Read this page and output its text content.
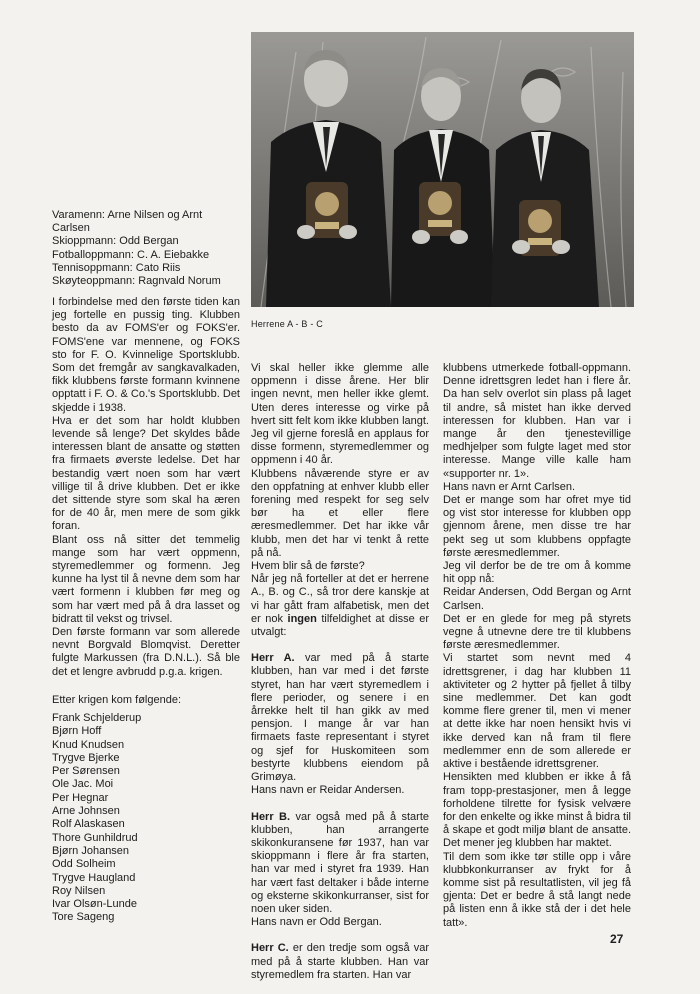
Herrene A - B - C

Varamenn: Arne Nilsen og Arnt

Carlsen

Skioppmann: Odd Bergan

Fotballoppmann: C. A. Eiebakke

Tennisoppmann: Cato Riis

Skøyteoppmann: Ragnvald Norum

I forbindelse med den første tiden kan jeg fortelle en pussig ting. Klubben besto da av FOMS'er og FOKS'er. FOMS'ene var mennene, og FOKS sto for F. O. Kvinnelige Sportsklubb. Som det fremgår av sangkavalkaden, fikk klubbens første formann kvinnene opptatt i F. O. & Co.'s Sportsklubb. Det skjedde i 1938.

Hva er det som har holdt klubben levende så lenge? Det skyldes både interessen blant de ansatte og støtten fra firmaets øverste ledelse. Det har bestandig vært noen som har vært villige til å drive klubben. Det er ikke det sittende styre som skal ha æren for de 40 år, men mere de som gikk foran.

Blant oss nå sitter det temmelig mange som har vært oppmenn, styremedlemmer og formenn. Jeg kunne ha lyst til å nevne dem som har vært formenn i klubben før meg og som har vært med på å dra lasset og bidratt til vekst og trivsel.

Den første formann var som allerede nevnt Borgvald Blomqvist. Deretter fulgte Markussen (fra D.N.L.). Så ble det et lengre avbrudd p.g.a. krigen.

Etter krigen kom følgende:

Frank Schjelderup

Bjørn Hoff

Knud Knudsen

Trygve Bjerke

Per Sørensen

Ole Jac. Moi

Per Hegnar

Arne Johnsen

Rolf Alaskasen

Thore Gunhildrud

Bjørn Johansen

Odd Solheim

Trygve Haugland

Roy Nilsen

Ivar Olsøn-Lunde

Tore Sageng

Vi skal heller ikke glemme alle oppmenn i disse årene. Her blir ingen nevnt, men heller ikke glemt. Uten deres interesse og virke på hvert sitt felt kom ikke klubben langt. Jeg vil gjerne foreslå en applaus for disse formenn, styremedlemmer og oppmenn i 40 år.

Klubbens nåværende styre er av den oppfatning at enhver klubb eller forening med respekt for seg selv bør ha et eller flere æresmedlemmer. Det har ikke vår klubb, men det har vi tenkt å rette på nå.

Hvem blir så de første?

Når jeg nå forteller at det er herrene A., B. og C., så tror dere kanskje at vi har gått fram alfabetisk, men det er nok ingen tilfeldighet at disse er utvalgt:

Herr A. var med på å starte klubben, han var med i det første styret, han har vært styremedlem i flere perioder, og senere i en årrekke helt til han gikk av med pensjon. I mange år var han firmaets faste representant i styret og sjef for Huskomiteen som bestyrte klubbens eiendom på Grimøya.

Hans navn er Reidar Andersen.

Herr B. var også med på å starte klubben, han arrangerte skikonkuransene før 1937, han var skioppmann i flere år fra starten, han var med i styret fra 1939. Han har vært fast deltaker i både interne og eksterne skikonkurranser, sist for noen uker siden.

Hans navn er Odd Bergan.

Herr C. er den tredje som også var med på å starte klubben. Han var styremedlem fra starten. Han var

klubbens utmerkede fotball-oppmann. Denne idrettsgren ledet han i flere år. Da han selv overlot sin plass på laget til andre, så mistet han ikke derved interessen for klubben. Han var i mange år den tjenestevillige medhjelper som fulgte laget med stor interesse. Mange ville kalle ham «supporter nr. 1».

Hans navn er Arnt Carlsen.

Det er mange som har ofret mye tid og vist stor interesse for klubben opp gjennom årene, men disse tre har pekt seg ut som klubbens oppfagte første æresmedlemmer.

Jeg vil derfor be de tre om å komme hit opp nå:

Reidar Andersen, Odd Bergan og Arnt Carlsen.

Det er en glede for meg på styrets vegne å utnevne dere tre til klubbens første æresmedlemmer.

Vi startet som nevnt med 4 idrettsgrener, i dag har klubben 11 aktiviteter og 2 hytter på fjellet å tilby sine medlemmer. Det kan godt komme flere grener til, men vi mener at dette ikke har noen hensikt hvis vi ikke derved kan nå fram til flere medlemmer enn de som allerede er aktive i bestående idrettsgrener.

Hensikten med klubben er ikke å få fram topp-prestasjoner, men å legge forholdene tilrette for fysisk velvære for den enkelte og ikke minst å bidra til å skape et godt miljø blant de ansatte. Det mener jeg klubben har maktet.

Til dem som ikke tør stille opp i våre klubbkonkurranser av frykt for å komme sist på resultatlisten, vil jeg få gjenta: Det er bedre å stå langt nede på listen enn å ikke stå der i det hele tatt».

27
